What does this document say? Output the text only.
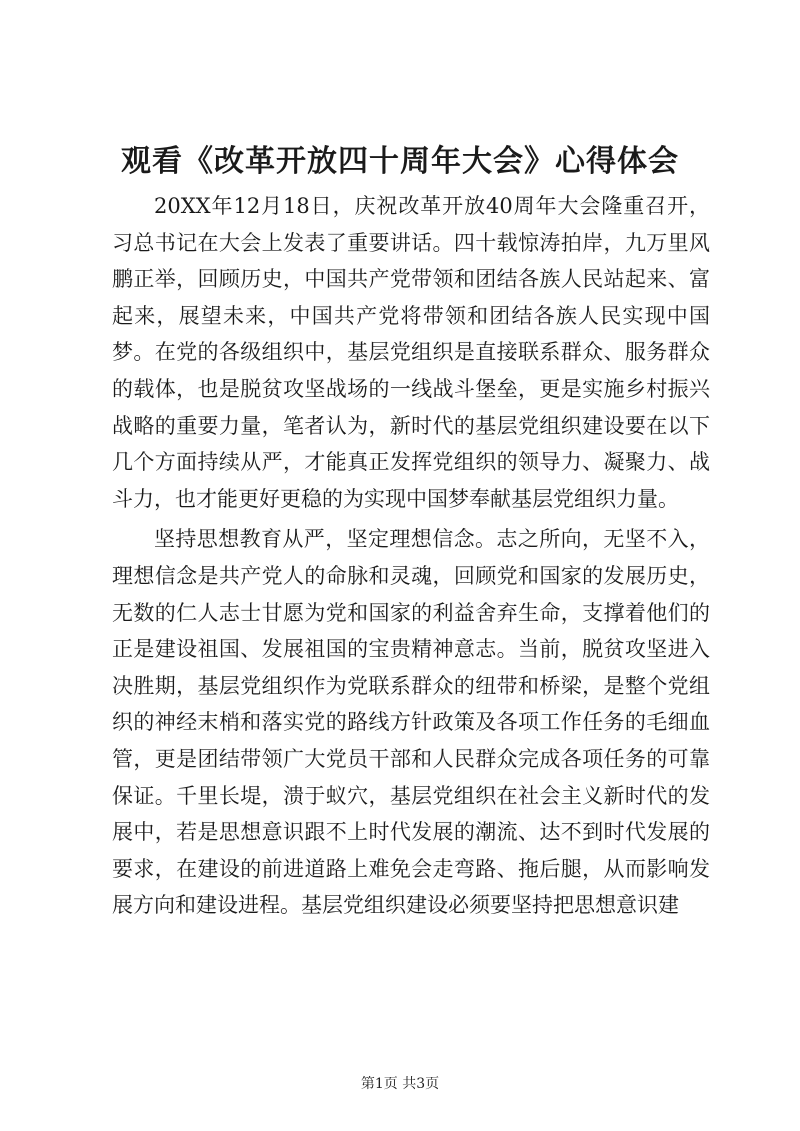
观看《改革开放四十周年大会》心得体会

20XX年12月18日，庆祝改革开放40周年大会隆重召开，习总书记在大会上发表了重要讲话。四十载惊涛拍岸，九万里风鹏正举，回顾历史，中国共产党带领和团结各族人民站起来、富起来，展望未来，中国共产党将带领和团结各族人民实现中国梦。在党的各级组织中，基层党组织是直接联系群众、服务群众的载体，也是脱贫攻坚战场的一线战斗堡垒，更是实施乡村振兴战略的重要力量，笔者认为，新时代的基层党组织建设要在以下几个方面持续从严，才能真正发挥党组织的领导力、凝聚力、战斗力，也才能更好更稳的为实现中国梦奉献基层党组织力量。

坚持思想教育从严，坚定理想信念。志之所向，无坚不入，理想信念是共产党人的命脉和灵魂，回顾党和国家的发展历史，无数的仁人志士甘愿为党和国家的利益舍弃生命，支撑着他们的正是建设祖国、发展祖国的宝贵精神意志。当前，脱贫攻坚进入决胜期，基层党组织作为党联系群众的纽带和桥梁，是整个党组织的神经末梢和落实党的路线方针政策及各项工作任务的毛细血管，更是团结带领广大党员干部和人民群众完成各项任务的可靠保证。千里长堤，溃于蚁穴，基层党组织在社会主义新时代的发展中，若是思想意识跟不上时代发展的潮流、达不到时代发展的要求，在建设的前进道路上难免会走弯路、拖后腿，从而影响发展方向和建设进程。基层党组织建设必须要坚持把思想意识建

第1页 共3页
